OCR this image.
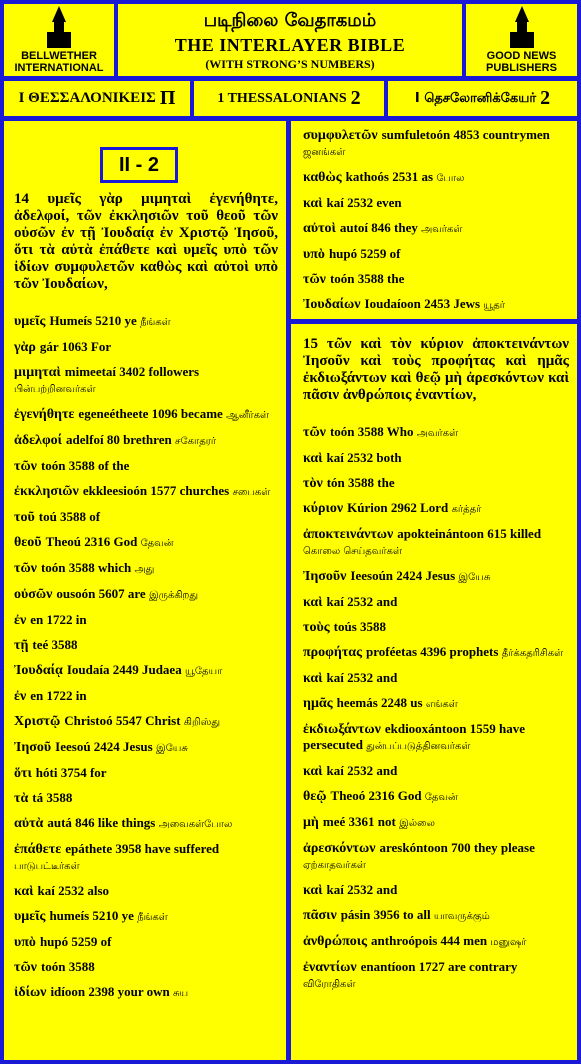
BELLWETHER INTERNATIONAL
படிநிலை வேதாகமம்
THE INTERLAYER BIBLE
(WITH STRONG’S NUMBERS)
GOOD NEWS PUBLISHERS
Ι ΘΕΣΣΑΛΟΝΙΚΕΙΣ Π	1 THESSALONIANS 2	I தெசலோனிக்கேயர் 2
II - 2
14 υμεῖς γὰρ μιμηταὶ ἐγενήθητε, ἀδελφοί, τῶν ἐκκλησιῶν τοῦ θεοῦ τῶν οὐσῶν ἐν τῇ Ἰουδαίᾳ ἐν Χριστῷ Ἰησοῦ, ὅτι τὰ αὐτὰ ἐπάθετε καὶ υμεῖς υπὸ τῶν ἰδίων συμφυλετῶν καθὼς καὶ αὐτοὶ υπὸ τῶν Ἰουδαίων,
υμεῖς Humeís 5210 ye நீங்கள்
γὰρ gár 1063 For
μιμηταὶ mimeetaí 3402 followers பின்பற்றினவர்கள்
ἐγενήθητε egeneétheete 1096 became ஆனீர்கள்
ἀδελφοί adelfoí 80 brethren சகோதரர்
τῶν toón 3588 of the
ἐκκλησιῶν ekkleesioón 1577 churches சபைகள்
τοῦ toú 3588 of
θεοῦ Theoú 2316 God தேவன்
τῶν toón 3588 which அது
οὐσῶν ousoón 5607 are இருக்கிறது
ἐν en 1722 in
τῇ teé 3588
Ἰουδαίᾳ Ioudaía 2449 Judaea யூதேயா
ἐν en 1722 in
Χριστῷ Christoó 5547 Christ கிறிஸ்து
Ἰησοῦ Ieesoú 2424 Jesus இயேசு
ὅτι hóti 3754 for
τὰ tá 3588
αὐτὰ autá 846 like things அவைகள்போல
ἐπάθετε epáthete 3958 have suffered பாடுபட்டீர்கள்
καὶ kaí 2532 also
υμεῖς humeís 5210 ye நீங்கள்
υπὸ hupó 5259 of
τῶν toón 3588
ἰδίων idíoon 2398 your own சுய
συμφυλετῶν sumfuletoón 4853 countrymen ஜனங்கள்
καθὼς kathoós 2531 as போல
καὶ kaí 2532 even
αὐτοὶ autoí 846 they அவர்கள்
υπὸ hupó 5259 of
τῶν toón 3588 the
Ἰουδαίων Ioudaíoon 2453 Jews யூதர்
15 τῶν καὶ τὸν κύριον ἀποκτεινάντων Ἰησοῦν καὶ τοὺς προφήτας καὶ ημᾶς ἐκδιωξάντων καὶ θεῷ μὴ ἀρεσκόντων καὶ πᾶσιν ἀνθρώποις ἐναντίων,
τῶν toón 3588 Who அவர்கள்
καὶ kaí 2532 both
τὸν tón 3588 the
κύριον Kúrion 2962 Lord கர்த்தர்
ἀποκτεινάντων apokteinántoon 615 killed கொலை செய்தவர்கள்
Ἰησοῦν Ieesoún 2424 Jesus இயேசு
καὶ kaí 2532 and
τοὺς toús 3588
προφήτας proféetas 4396 prophets தீர்க்கதரிசிகள்
καὶ kaí 2532 and
ημᾶς heemás 2248 us எங்கள்
ἐκδιωξάντων ekdiooxántoon 1559 have persecuted துன்பப்படுத்தினவர்கள்
καὶ kaí 2532 and
θεῷ Theoó 2316 God தேவன்
μὴ meé 3361 not இல்லை
ἀρεσκόντων areskóntoon 700 they please ஏற்காதவர்கள்
καὶ kaí 2532 and
πᾶσιν pásin 3956 to all யாவருக்கும்
ἀνθρώποις anthroópois 444 men மனுஷர்
ἐναντίων enantíoon 1727 are contrary விரோதிகள்
